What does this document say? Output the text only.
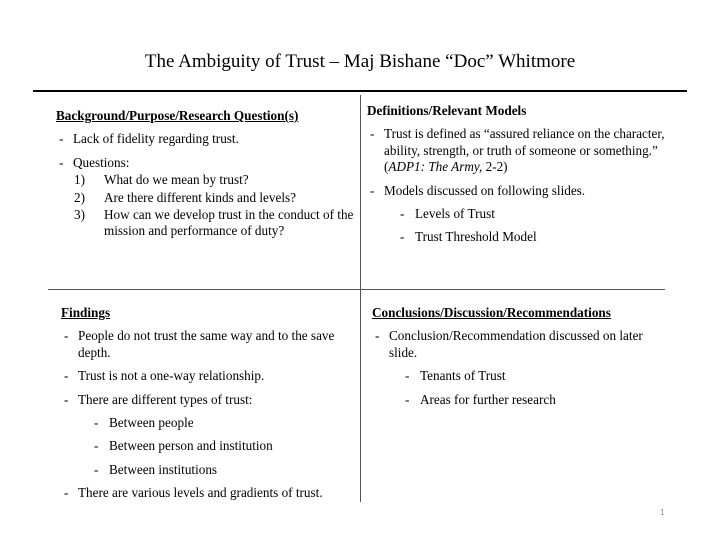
The Ambiguity of Trust – Maj Bishane “Doc” Whitmore
Background/Purpose/Research Question(s)
- Lack of fidelity regarding trust.
- Questions:
1) What do we mean by trust?
2) Are there different kinds and levels?
3) How can we develop trust in the conduct of the mission and performance of duty?
Definitions/Relevant Models
- Trust is defined as “assured reliance on the character, ability, strength, or truth of someone or something.” (ADP1: The Army, 2-2)
- Models discussed on following slides.
- Levels of Trust
- Trust Threshold Model
Findings
- People do not trust the same way and to the save depth.
- Trust is not a one-way relationship.
- There are different types of trust:
- Between people
- Between person and institution
- Between institutions
- There are various levels and gradients of trust.
Conclusions/Discussion/Recommendations
- Conclusion/Recommendation discussed on later slide.
- Tenants of Trust
- Areas for further research
1
